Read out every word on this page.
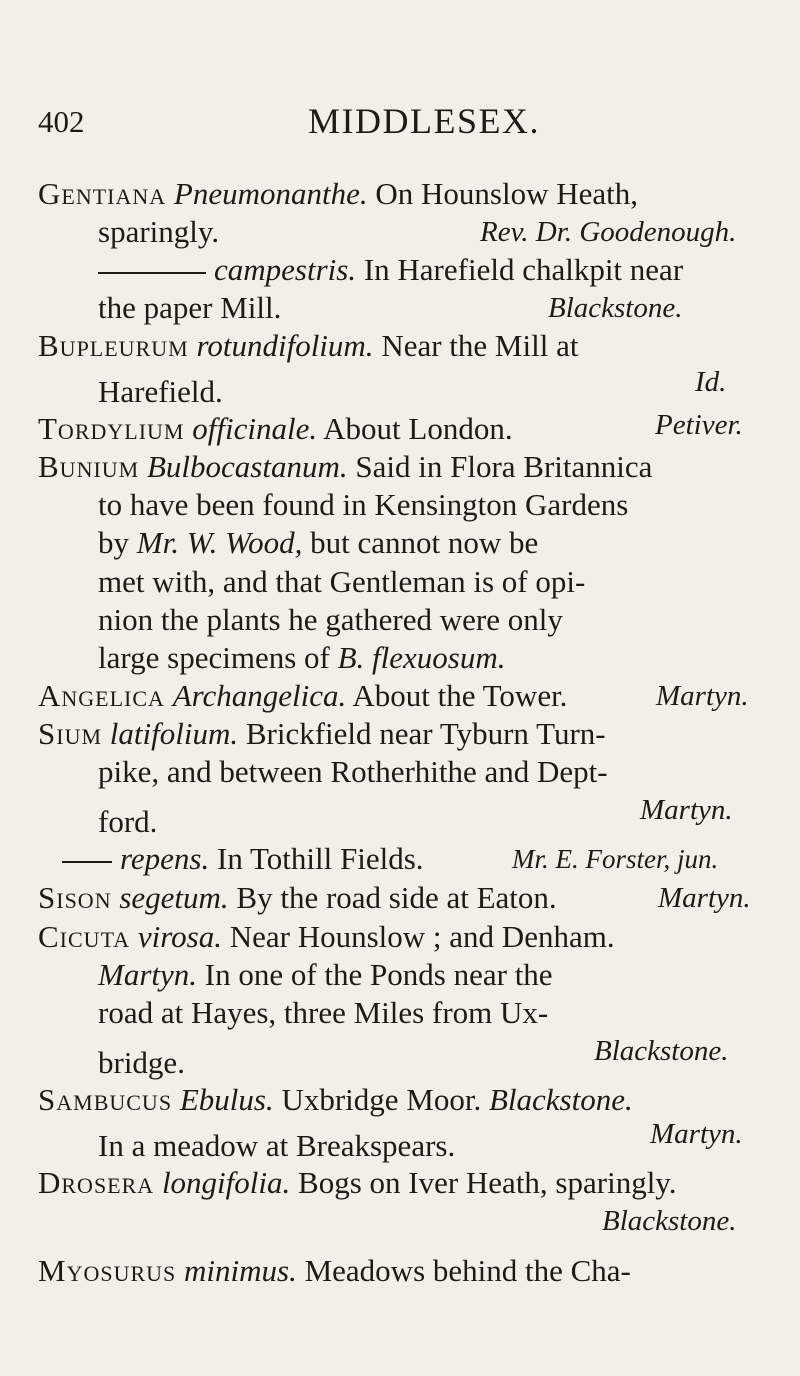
402	MIDDLESEX.
Gentiana Pneumonanthe. On Hounslow Heath,
sparingly.	Rev. Dr. Goodenough.
campestris. In Harefield chalkpit near
the paper Mill.	Blackstone.
Bupleurum rotundifolium. Near the Mill at
Harefield.	Id.
Tordylium officinale. About London.	Petiver.
Bunium Bulbocastanum. Said in Flora Britannica
to have been found in Kensington Gardens
by Mr. W. Wood, but cannot now be
met with, and that Gentleman is of opi-
nion the plants he gathered were only
large specimens of B. flexuosum.
Angelica Archangelica. About the Tower.	Martyn.
Sium latifolium. Brickfield near Tyburn Turn-
pike, and between Rotherhithe and Dept-
ford.	Martyn.
repens. In Tothill Fields.	Mr. E. Forster, jun.
Sison segetum. By the road side at Eaton.	Martyn.
Cicuta virosa. Near Hounslow ; and Denham.
Martyn. In one of the Ponds near the
road at Hayes, three Miles from Ux-
bridge.	Blackstone.
Sambucus Ebulus. Uxbridge Moor. Blackstone.
In a meadow at Breakspears.	Martyn.
Drosera longifolia. Bogs on Iver Heath, sparingly.
Blackstone.
Myosurus minimus. Meadows behind the Cha-
